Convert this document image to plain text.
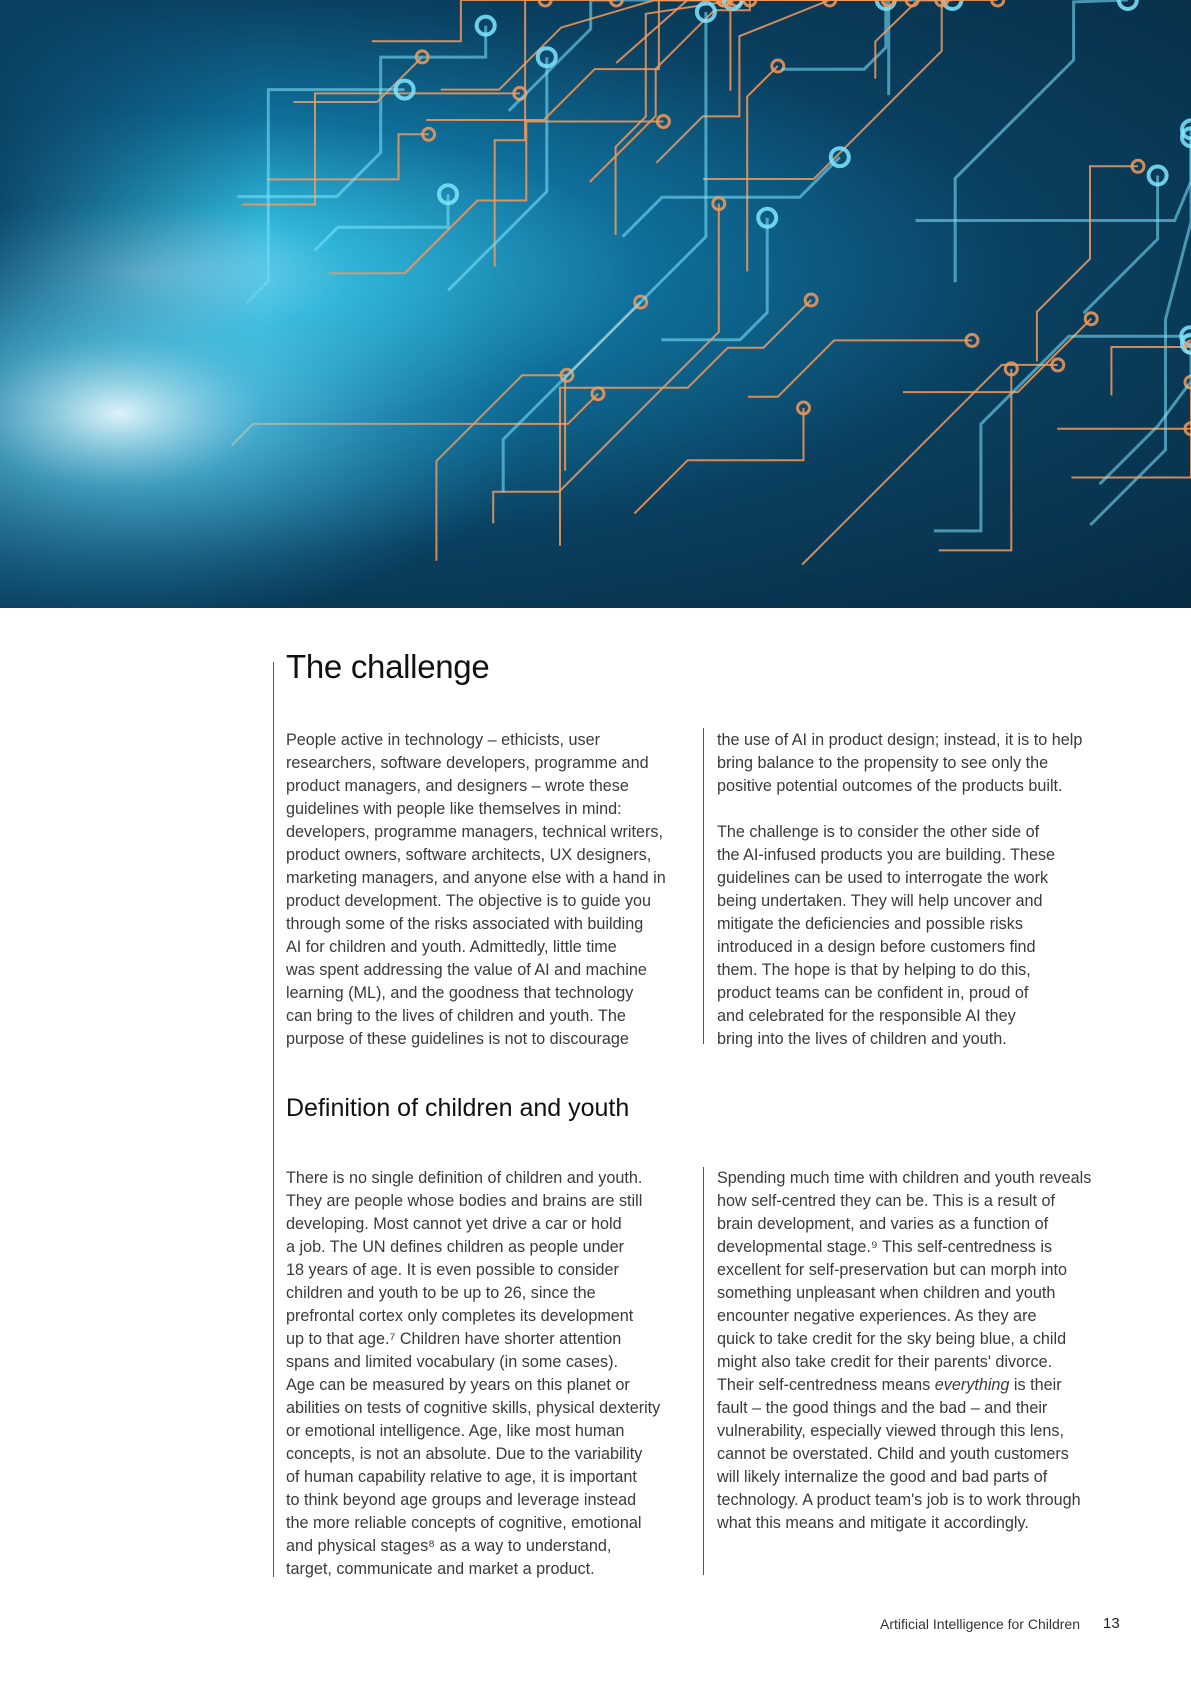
The challenge
People active in technology – ethicists, user
researchers, software developers, programme and
product managers, and designers – wrote these
guidelines with people like themselves in mind:
developers, programme managers, technical writers,
product owners, software architects, UX designers,
marketing managers, and anyone else with a hand in
product development. The objective is to guide you
through some of the risks associated with building
AI for children and youth. Admittedly, little time
was spent addressing the value of AI and machine
learning (ML), and the goodness that technology
can bring to the lives of children and youth. The
purpose of these guidelines is not to discourage
the use of AI in product design; instead, it is to help
bring balance to the propensity to see only the
positive potential outcomes of the products built.
The challenge is to consider the other side of
the AI-infused products you are building. These
guidelines can be used to interrogate the work
being undertaken. They will help uncover and
mitigate the deficiencies and possible risks
introduced in a design before customers find
them. The hope is that by helping to do this,
product teams can be confident in, proud of
and celebrated for the responsible AI they
bring into the lives of children and youth.
Definition of children and youth
There is no single definition of children and youth.
They are people whose bodies and brains are still
developing. Most cannot yet drive a car or hold
a job. The UN defines children as people under
18 years of age. It is even possible to consider
children and youth to be up to 26, since the
prefrontal cortex only completes its development
up to that age.⁷ Children have shorter attention
spans and limited vocabulary (in some cases).
Age can be measured by years on this planet or
abilities on tests of cognitive skills, physical dexterity
or emotional intelligence. Age, like most human
concepts, is not an absolute. Due to the variability
of human capability relative to age, it is important
to think beyond age groups and leverage instead
the more reliable concepts of cognitive, emotional
and physical stages⁸ as a way to understand,
target, communicate and market a product.
Spending much time with children and youth reveals
how self-centred they can be. This is a result of
brain development, and varies as a function of
developmental stage.⁹ This self-centredness is
excellent for self-preservation but can morph into
something unpleasant when children and youth
encounter negative experiences. As they are
quick to take credit for the sky being blue, a child
might also take credit for their parents' divorce.
Their self-centredness means everything is their
fault – the good things and the bad – and their
vulnerability, especially viewed through this lens,
cannot be overstated. Child and youth customers
will likely internalize the good and bad parts of
technology. A product team's job is to work through
what this means and mitigate it accordingly.
Artificial Intelligence for Children 13
